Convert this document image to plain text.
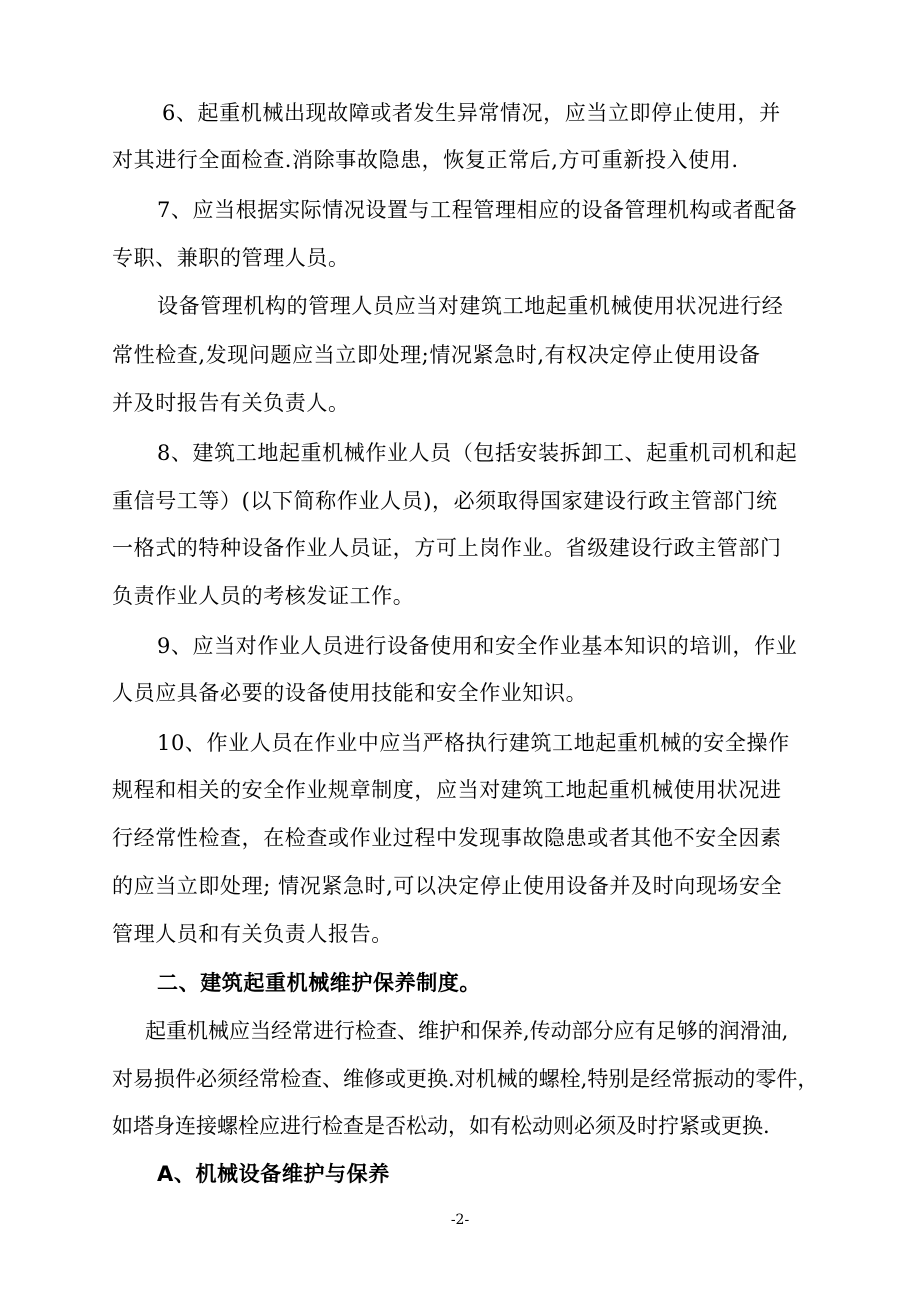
6、起重机械出现故障或者发生异常情况，应当立即停止使用，并
对其进行全面检查.消除事故隐患，恢复正常后,方可重新投入使用.
7、应当根据实际情况设置与工程管理相应的设备管理机构或者配备
专职、兼职的管理人员。
设备管理机构的管理人员应当对建筑工地起重机械使用状况进行经
常性检查,发现问题应当立即处理;情况紧急时,有权决定停止使用设备
并及时报告有关负责人。
8、建筑工地起重机械作业人员（包括安装拆卸工、起重机司机和起
重信号工等）(以下简称作业人员)，必须取得国家建设行政主管部门统
一格式的特种设备作业人员证，方可上岗作业。省级建设行政主管部门
负责作业人员的考核发证工作。
9、应当对作业人员进行设备使用和安全作业基本知识的培训，作业
人员应具备必要的设备使用技能和安全作业知识。
10、作业人员在作业中应当严格执行建筑工地起重机械的安全操作
规程和相关的安全作业规章制度，应当对建筑工地起重机械使用状况进
行经常性检查，在检查或作业过程中发现事故隐患或者其他不安全因素
的应当立即处理; 情况紧急时,可以决定停止使用设备并及时向现场安全
管理人员和有关负责人报告。
二、建筑起重机械维护保养制度。
起重机械应当经常进行检查、维护和保养,传动部分应有足够的润滑油,
对易损件必须经常检查、维修或更换.对机械的螺栓,特别是经常振动的零件，
如塔身连接螺栓应进行检查是否松动，如有松动则必须及时拧紧或更换.
A、机械设备维护与保养
-2-
